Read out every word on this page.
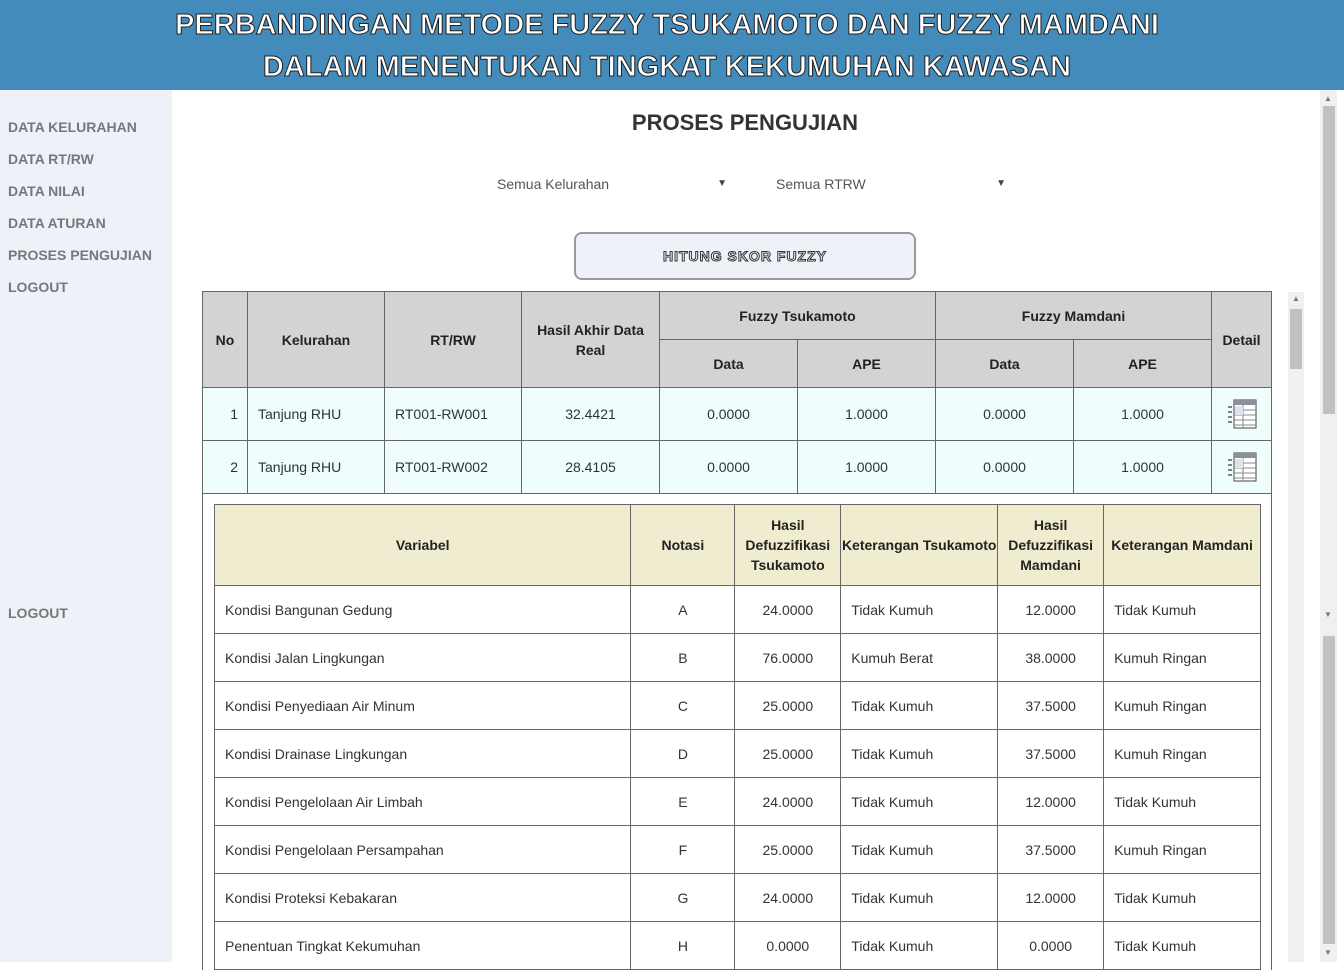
PERBANDINGAN METODE FUZZY TSUKAMOTO DAN FUZZY MAMDANI
DALAM MENENTUKAN TINGKAT KEKUMUHAN KAWASAN
DATA KELURAHAN
DATA RT/RW
DATA NILAI
DATA ATURAN
PROSES PENGUJIAN
LOGOUT
LOGOUT
PROSES PENGUJIAN
Semua Kelurahan	▼	Semua RTRW	▼
HITUNG SKOR FUZZY
No	Kelurahan	RT/RW	Hasil Akhir Data Real	Fuzzy Tsukamoto	Fuzzy Mamdani	Detail
Data	APE	Data	APE
1	Tanjung RHU	RT001-RW001	32.4421	0.0000	1.0000	0.0000	1.0000	
2	Tanjung RHU	RT001-RW002	28.4105	0.0000	1.0000	0.0000	1.0000	

Variabel	Notasi	Hasil Defuzzifikasi Tsukamoto	Keterangan Tsukamoto	Hasil Defuzzifikasi Mamdani	Keterangan Mamdani
Kondisi Bangunan Gedung	A	24.0000	Tidak Kumuh	12.0000	Tidak Kumuh
Kondisi Jalan Lingkungan	B	76.0000	Kumuh Berat	38.0000	Kumuh Ringan
Kondisi Penyediaan Air Minum	C	25.0000	Tidak Kumuh	37.5000	Kumuh Ringan
Kondisi Drainase Lingkungan	D	25.0000	Tidak Kumuh	37.5000	Kumuh Ringan
Kondisi Pengelolaan Air Limbah	E	24.0000	Tidak Kumuh	12.0000	Tidak Kumuh
Kondisi Pengelolaan Persampahan	F	25.0000	Tidak Kumuh	37.5000	Kumuh Ringan
Kondisi Proteksi Kebakaran	G	24.0000	Tidak Kumuh	12.0000	Tidak Kumuh
Penentuan Tingkat Kekumuhan	H	0.0000	Tidak Kumuh	0.0000	Tidak Kumuh
▲
▲
▼
▼
